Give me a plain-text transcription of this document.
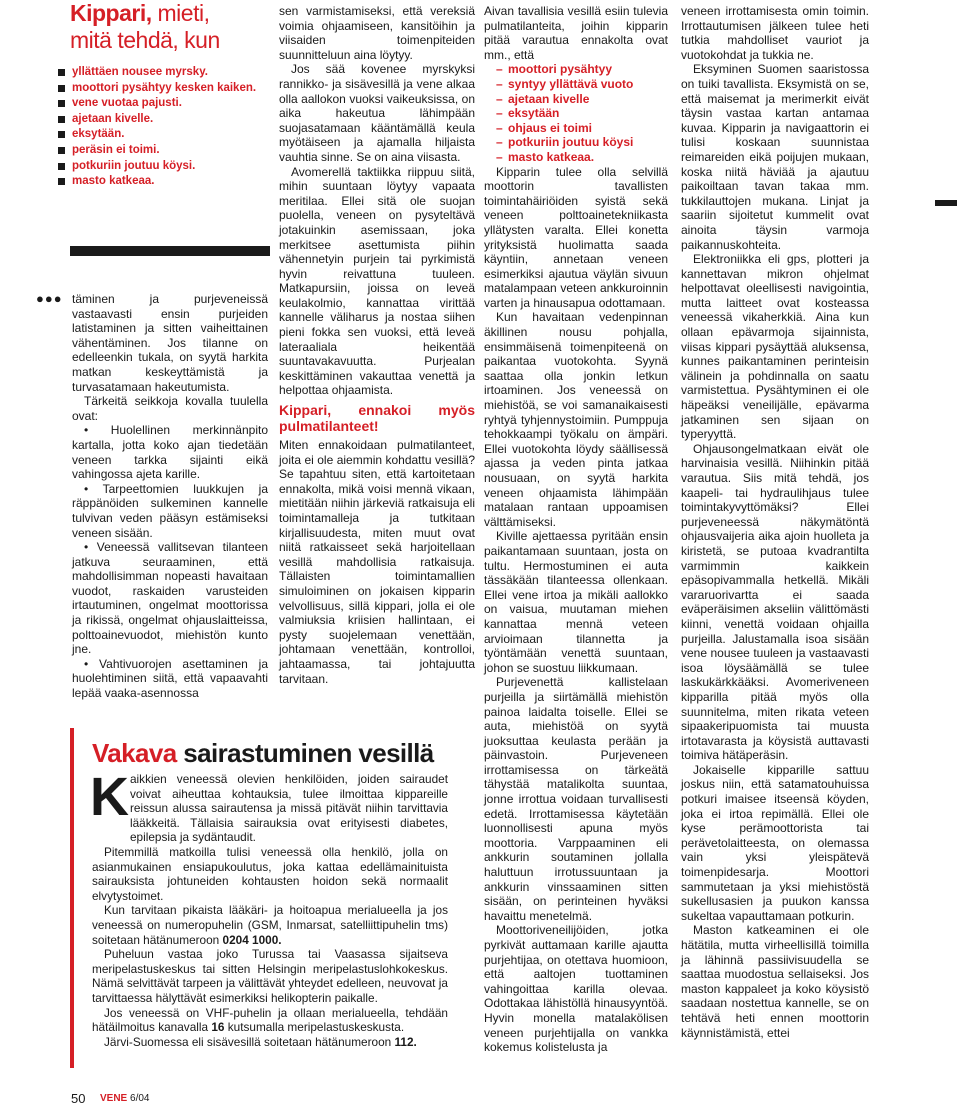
Kippari, mieti,
mitä tehdä, kun
yllättäen nousee myrsky.
moottori pysähtyy kesken kaiken.
vene vuotaa pajusti.
ajetaan kivelle.
eksytään.
peräsin ei toimi.
potkuriin joutuu köysi.
masto katkeaa.
●●● täminen ja purjeveneissä vastaavasti ensin purjeiden latistaminen ja sitten vaiheittainen vähentäminen. Jos tilanne on edelleenkin tukala, on syytä harkita matkan keskeyttämistä ja turvasatamaan hakeutumista.

Tärkeitä seikkoja kovalla tuulella ovat:

• Huolellinen merkinnänpito kartalla, jotta koko ajan tiedetään veneen tarkka sijainti eikä vahingossa ajeta karille.

• Tarpeettomien luukkujen ja räppänöiden sulkeminen kannelle tulvivan veden pääsyn estämiseksi veneen sisään.

• Veneessä vallitsevan tilanteen jatkuva seuraaminen, että mahdollisimman nopeasti havaitaan vuodot, raskaiden varusteiden irtautuminen, ongelmat moottorissa ja rikissä, ongelmat ohjauslaitteissa, polttoainevuodot, miehistön kunto jne.

• Vahtivuorojen asettaminen ja huolehtiminen siitä, että vapaavahti lepää vaaka-asennossa

sen varmistamiseksi, että vereksiä voimia ohjaamiseen, kansitöihin ja viisaiden toimenpiteiden suunnitteluun aina löytyy.

Jos sää kovenee myrskyksi rannikko- ja sisävesillä ja vene alkaa olla aallokon vuoksi vaikeuksissa, on aika hakeutua lähimpään suojasatamaan kääntämällä keula myötäiseen ja ajamalla hiljaista vauhtia sinne. Se on aina viisasta.

Avomerellä taktiikka riippuu siitä, mihin suuntaan löytyy vapaata meritilaa. Ellei sitä ole suojan puolella, veneen on pysyteltävä jotakuinkin asemissaan, joka merkitsee asettumista piihin vähennetyin purjein tai pyrkimistä hyvin reivattuna tuuleen. Matkapursiin, joissa on leveä keulakolmio, kannattaa virittää kannelle väliharus ja nostaa siihen pieni fokka sen vuoksi, että leveä lateraaliala heikentää suuntavakavuutta. Purjealan keskittäminen vakauttaa venettä ja helpottaa ohjaamista.

Kippari, ennakoi myös pulmatilanteet!

Miten ennakoidaan pulmatilanteet, joita ei ole aiemmin kohdattu vesillä? Se tapahtuu siten, että kartoitetaan ennakolta, mikä voisi mennä vikaan, mietitään niihin järkeviä ratkaisuja eli toimintamalleja ja tutkitaan kirjallisuudesta, miten muut ovat niitä ratkaisseet sekä harjoitellaan vesillä mahdollisia ratkaisuja. Tällaisten toimintamallien simuloiminen on jokaisen kipparin velvollisuus, sillä kippari, jolla ei ole valmiuksia kriisien hallintaan, ei pysty suojelemaan venettään, johtamaan venettään, kontrolloi, jahtaamassa, tai johtajuutta tarvitaan.

Aivan tavallisia vesillä esiin tulevia pulmatilanteita, joihin kipparin pitää varautua ennakolta ovat mm., että

– moottori pysähtyy
– syntyy yllättävä vuoto
– ajetaan kivelle
– eksytään
– ohjaus ei toimi
– potkuriin joutuu köysi
– masto katkeaa.

Kipparin tulee olla selvillä moottorin tavallisten toimintahäiriöiden syistä sekä veneen polttoainetekniikasta yllätysten varalta. Ellei konetta yrityksistä huolimatta saada käyntiin, annetaan veneen esimerkiksi ajautua väylän sivuun matalampaan veteen ankkuroinnin varten ja hinausapua odottamaan.

Kun havaitaan vedenpinnan äkillinen nousu pohjalla, ensimmäisenä toimenpiteenä on paikantaa vuotokohta. Syynä saattaa olla jonkin letkun irtoaminen. Jos veneessä on miehistöä, se voi samanaikaisesti ryhtyä tyhjennystoimiin. Pumppuja tehokkaampi työkalu on ämpäri. Ellei vuotokohta löydy säällisessä ajassa ja veden pinta jatkaa nousuaan, on syytä harkita veneen ohjaamista lähimpään matalaan rantaan uppoamisen välttämiseksi.

Kiville ajettaessa pyritään ensin paikantamaan suuntaan, josta on tultu. Hermostuminen ei auta tässäkään tilanteessa ollenkaan. Ellei vene irtoa ja mikäli aallokko on vaisua, muutaman miehen kannattaa mennä veteen arvioimaan tilannetta ja työntämään venettä suuntaan, johon se suostuu liikkumaan.

Purjevenettä kallistelaan purjeilla ja siirtämällä miehistön painoa laidalta toiselle. Ellei se auta, miehistöä on syytä juoksuttaa keulasta perään ja päinvastoin. Purjeveneen irrottamisessa on tärkeätä tähystää matalikolta suuntaa, jonne irrottua voidaan turvallisesti edetä. Irrottamisessa käytetään luonnollisesti apuna myös moottoria. Varppaaminen eli ankkurin soutaminen jollalla haluttuun irrotussuuntaan ja ankkurin vinssaaminen sitten sisään, on perinteinen hyväksi havaittu menetelmä.

Moottoriveneilijöiden, jotka pyrkivät auttamaan karille ajautta purjehtijaa, on otettava huomioon, että aaltojen tuottaminen vahingoittaa karilla olevaa. Odottakaa lähistöllä hinausyyntöä. Hyvin monella matalakölisen veneen purjehtijalla on vankka kokemus kolistelusta ja

veneen irrottamisesta omin toimin. Irrottautumisen jälkeen tulee heti tutkia mahdolliset vauriot ja vuotokohdat ja tukkia ne.

Eksyminen Suomen saaristossa on tuiki tavallista. Eksymistä on se, että maisemat ja merimerkit eivät täysin vastaa kartan antamaa kuvaa. Kipparin ja navigaattorin ei tulisi koskaan suunnistaa reimareiden eikä poijujen mukaan, koska niitä häviää ja ajautuu paikoiltaan tavan takaa mm. tukkilauttojen mukana. Linjat ja saariin sijoitetut kummelit ovat ainoita täysin varmoja paikannuskohteita.

Elektroniikka eli gps, plotteri ja kannettavan mikron ohjelmat helpottavat oleellisesti navigointia, mutta laitteet ovat kosteassa veneessä vikaherkkiä. Aina kun ollaan epävarmoja sijainnista, viisas kippari pysäyttää aluksensa, kunnes paikantaminen perinteisin välinein ja pohdinnalla on saatu varmistettua. Pysähtyminen ei ole häpeäksi veneilijälle, epävarma jatkaminen sen sijaan on typeryyttä.

Ohjausongelmatkaan eivät ole harvinaisia vesillä. Niihinkin pitää varautua. Siis mitä tehdä, jos kaapeli- tai hydraulihjaus tulee toimintakyvyttömäksi? Ellei purjeveneessä näkymätöntä ohjausvaijeria aika ajoin huolleta ja kiristetä, se putoaa kvadrantilta varmimmin kaikkein epäsopivammalla hetkellä. Mikäli vararuorivartta ei saada eväperäisimen akseliin välittömästi kiinni, venettä voidaan ohjailla purjeilla. Jalustamalla isoa sisään vene nousee tuuleen ja vastaavasti isoa löysäämällä se tulee laskukärkkääksi. Avomeriveneen kipparilla pitää myös olla suunnitelma, miten rikata veteen sipaakeripuomista tai muusta irtotavarasta ja köysistä auttavasti toimiva hätäperäsin.

Jokaiselle kipparille sattuu joskus niin, että satamatouhuissa potkuri imaisee itseensä köyden, joka ei irtoa repimällä. Ellei ole kyse perämoottorista tai perävetolaitteesta, on olemassa vain yksi yleispätevä toimenpidesarja. Moottori sammutetaan ja yksi miehistöstä sukellusasien ja puukon kanssa sukeltaa vapauttamaan potkurin.

Maston katkeaminen ei ole hätätila, mutta virheellisillä toimilla ja lähinnä passiivisuudella se saattaa muodostua sellaiseksi. Jos maston kappaleet ja koko köysistö saadaan nostettua kannelle, se on tehtävä heti ennen moottorin käynnistämistä, ettei

Vakava sairastuminen vesillä
K aikkien veneessä olevien henkilöiden, joiden sairaudet voivat aiheuttaa kohtauksia, tulee ilmoittaa kippareille reissun alussa sairautensa ja missä pitävät niihin tarvittavia lääkkeitä. Tällaisia sairauksia ovat erityisesti diabetes, epilepsia ja sydäntaudit.

Pitemmillä matkoilla tulisi veneessä olla henkilö, jolla on asianmukainen ensiapukoulutus, joka kattaa edellämainituista sairauksista johtuneiden kohtausten hoidon sekä normaalit elvytystoimet.

Kun tarvitaan pikaista lääkäri- ja hoitoapua merialueella ja jos veneessä on numeropuhelin (GSM, Inmarsat, satelliittipuhelin tms) soitetaan hätänumeroon 0204 1000.

Puheluun vastaa joko Turussa tai Vaasassa sijaitseva meripelastuskeskus tai sitten Helsingin meripelastuslohkokeskus. Nämä selvittävät tarpeen ja välittävät yhteydet edelleen, neuvovat ja tarvittaessa hälyttävät esimerkiksi helikopterin paikalle.

Jos veneessä on VHF-puhelin ja ollaan merialueella, tehdään hätäilmoitus kanavalla 16 kutsumalla meripelastuskeskusta.

Järvi-Suomessa eli sisävesillä soitetaan hätänumeroon 112.

50 VENE 6/04
